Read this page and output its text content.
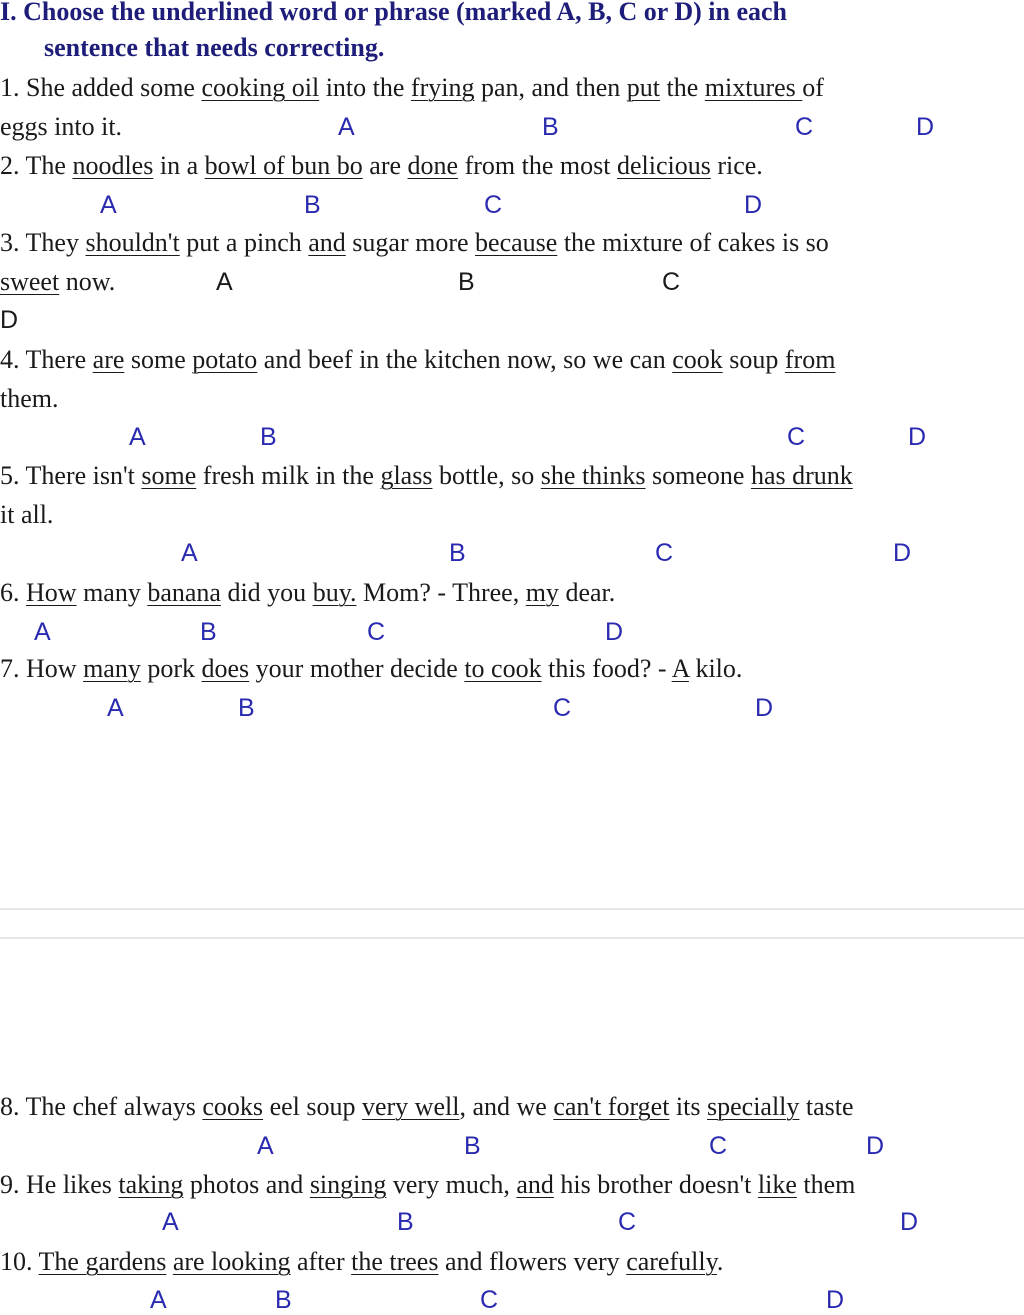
I. Choose the underlined word or phrase (marked A, B, C or D) in each
sentence that needs correcting.
1. She added some cooking oil into the frying pan, and then put the mixtures of
eggs into it.	A	B	C	D
2. The noodles in a bowl of bun bo are done from the most delicious rice.
A	B	C	D
3. They shouldn't put a pinch and sugar more because the mixture of cakes is so
sweet now.	A	B	C
D
4. There are some potato and beef in the kitchen now, so we can cook soup from
them.
A	B	C	D
5. There isn't some fresh milk in the glass bottle, so she thinks someone has drunk
it all.
A	B	C	D
6. How many banana did you buy. Mom? - Three, my dear.
A	B	C	D
7. How many pork does your mother decide to cook this food? - A kilo.
A	B	C	D
8. The chef always cooks eel soup very well, and we can't forget its specially taste
A	B	C	D
9. He likes taking photos and singing very much, and his brother doesn't like them
A	B	C	D
10. The gardens are looking after the trees and flowers very carefully.
A	B	C	D
